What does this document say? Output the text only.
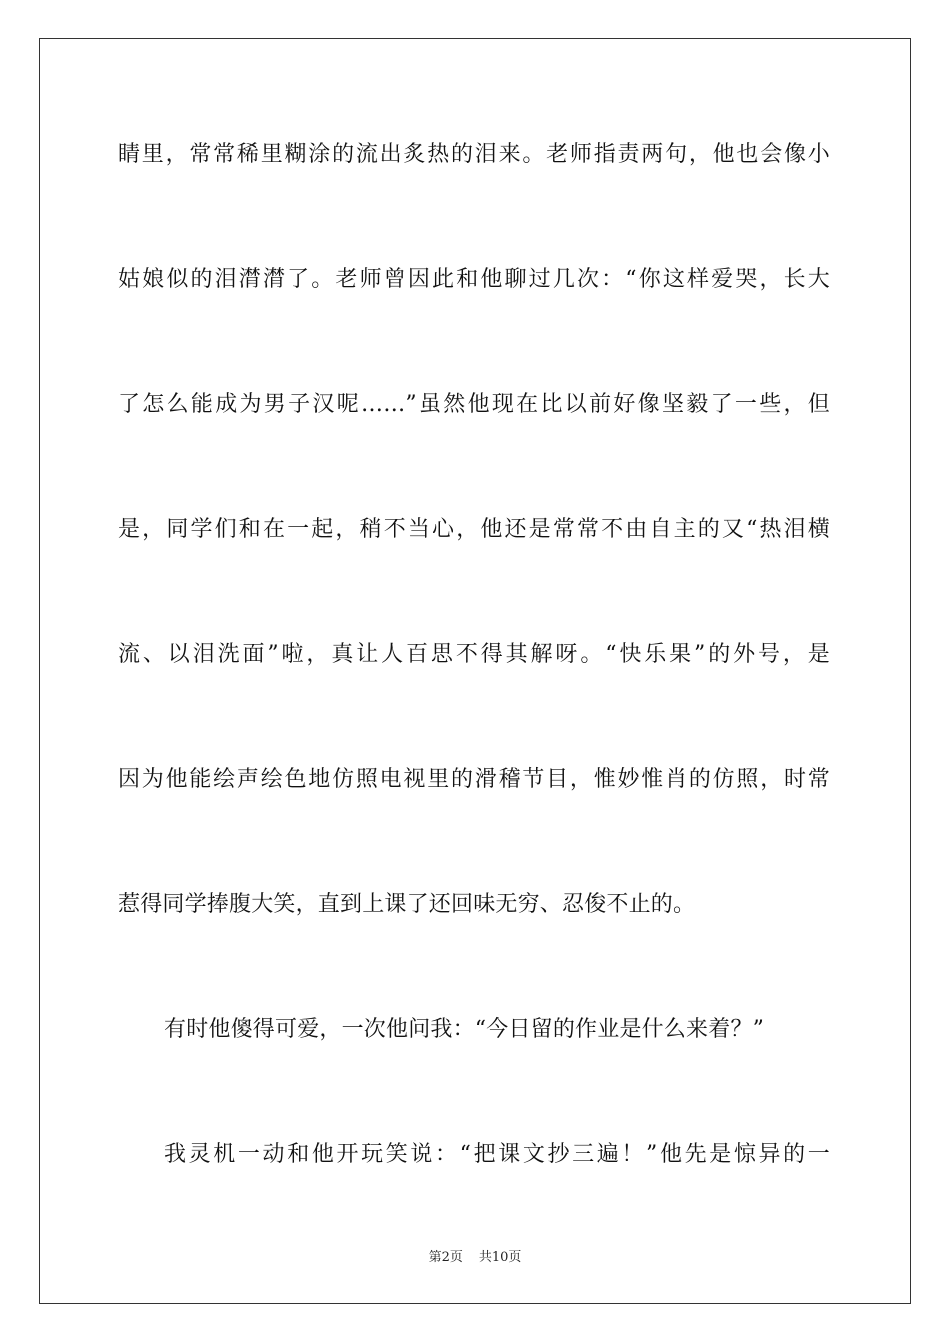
睛里，常常稀里糊涂的流出炙热的泪来。老师指责两句，他也会像小
姑娘似的泪潸潸了。老师曾因此和他聊过几次：“你这样爱哭，长大
了怎么能成为男子汉呢……”虽然他现在比以前好像坚毅了一些，但
是，同学们和在一起，稍不当心，他还是常常不由自主的又“热泪横
流、以泪洗面”啦，真让人百思不得其解呀。“快乐果”的外号，是
因为他能绘声绘色地仿照电视里的滑稽节目，惟妙惟肖的仿照，时常
惹得同学捧腹大笑，直到上课了还回味无穷、忍俊不止的。
有时他傻得可爱，一次他问我：“今日留的作业是什么来着？”
我灵机一动和他开玩笑说：“把课文抄三遍！”他先是惊异的一
第2页 共10页
